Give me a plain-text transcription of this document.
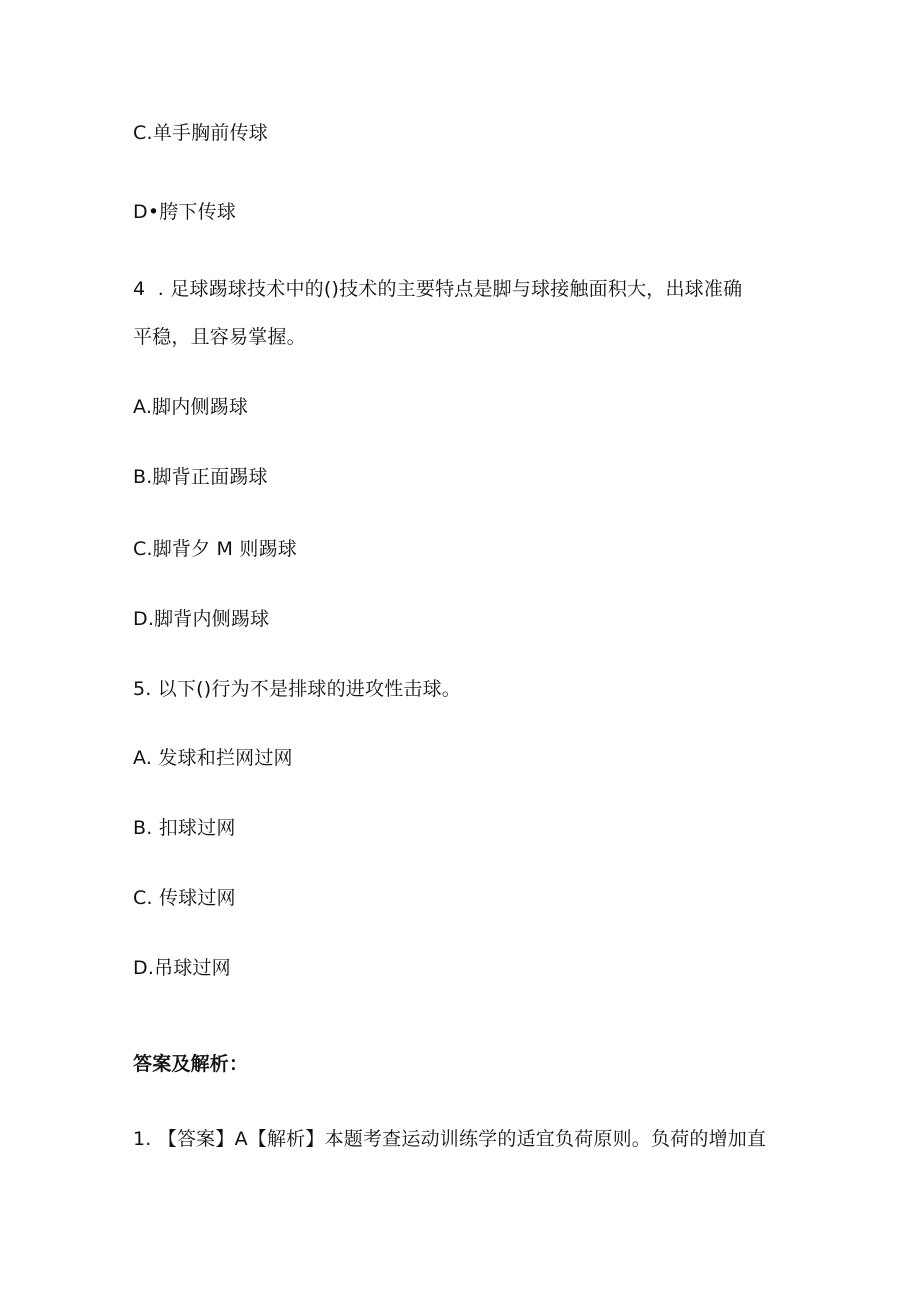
C.单手胸前传球
D•胯下传球
4  . 足球踢球技术中的()技术的主要特点是脚与球接触面积大，出球准确
平稳，且容易掌握。
A.脚内侧踢球
B.脚背正面踢球
C.脚背夕 M 则踢球
D.脚背内侧踢球
5. 以下()行为不是排球的进攻性击球。
A. 发球和拦网过网
B. 扣球过网
C. 传球过网
D.吊球过网
答案及解析：
1. 【答案】A【解析】本题考查运动训练学的适宜负荷原则。负荷的增加直
